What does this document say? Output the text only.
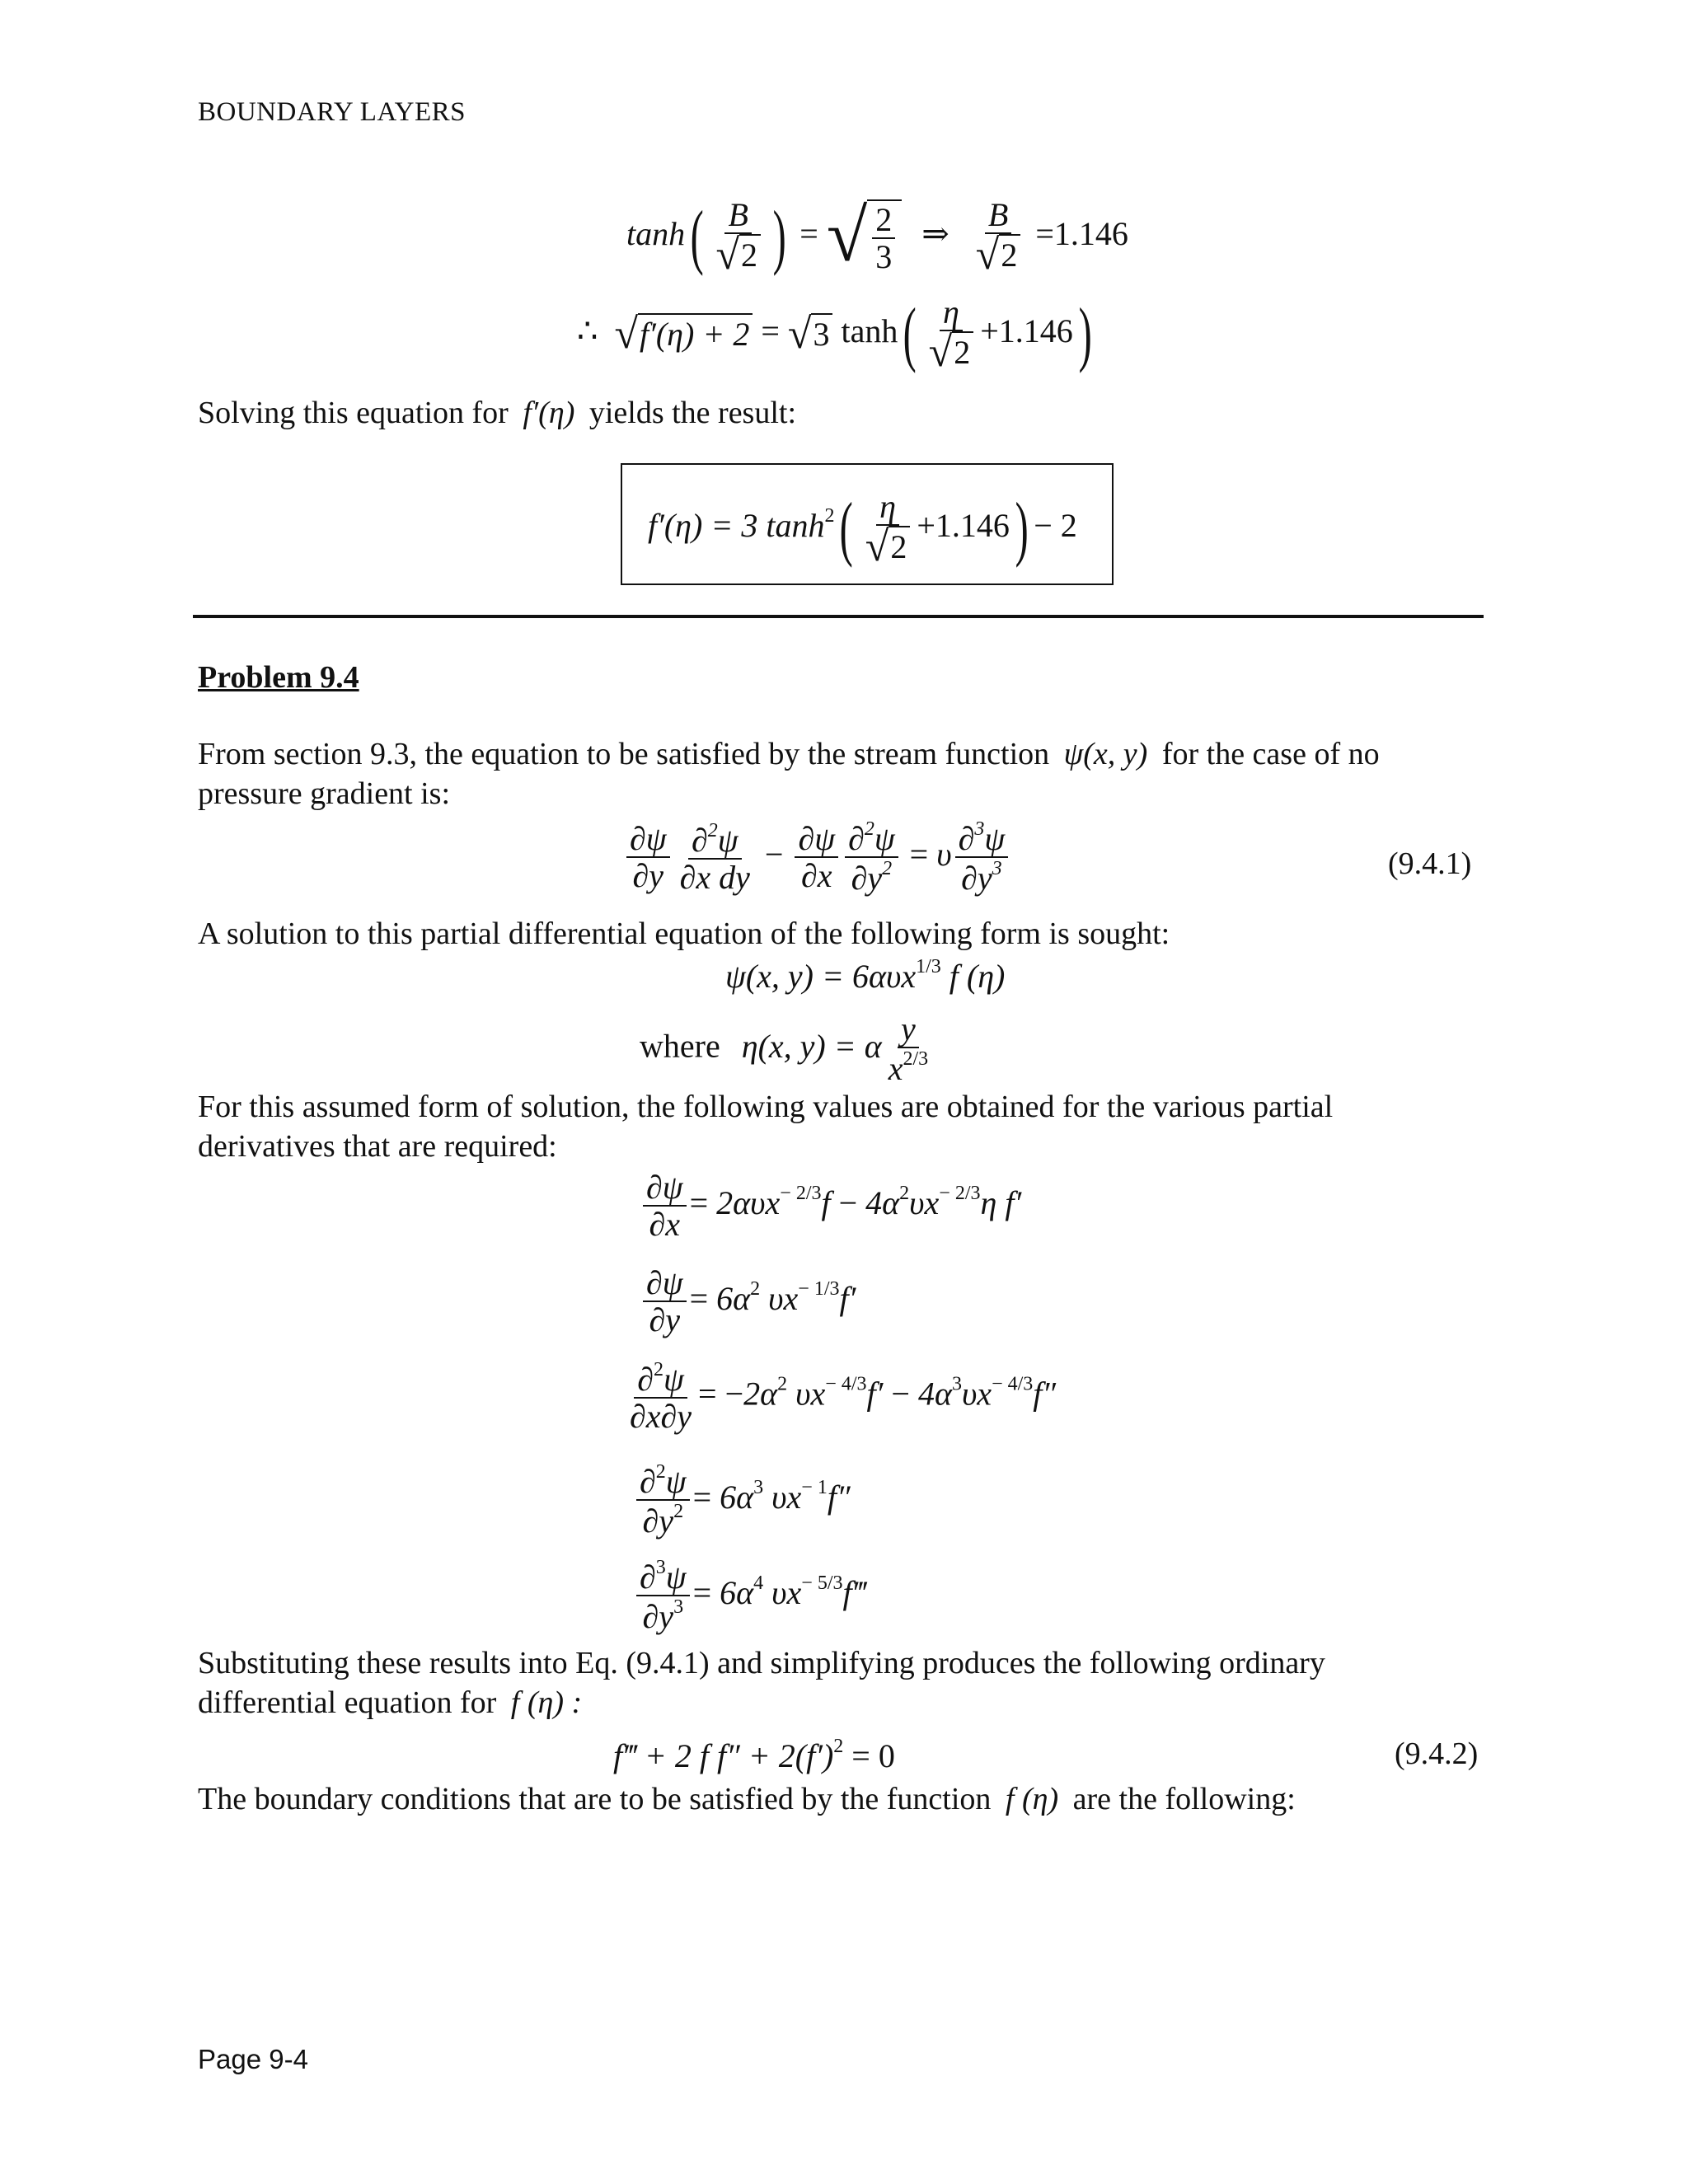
BOUNDARY LAYERS
$\tanh( \frac{B}{√ 2}$ ) = √ $\frac{2}{3}$ ⇒ $\frac{B}{√ 2} =1.146$
∴ √ f′(η) + 2 = √ 3 $\tanh( \frac{\eta}{√ 2} +1.146)$
Solving this equation for f′(η) yields the result:
f′(η) = 3 $\tanh^2( \frac{\eta}{√ 2} +1.146) - 2$
Problem 9.4
From section 9.3, the equation to be satisfied by the stream function ψ(x, y) for the case of no
pressure gradient is:
$\frac{\partial\psi}{\partial y} \frac{\partial^2\psi}{\text{∂x dy}} - \frac{\partial\psi}{\partial x} \frac{\partial^2\psi}{\partial y^2} = \upsilon \frac{\partial^3\psi}{\partial y^3}$	(9.4.1)
A solution to this partial differential equation of the following form is sought:
ψ(x, y) = 6αυx$^{1/3}$ f (η)
where η(x, y) = α $\frac{y}{x^{2/3}}$
For this assumed form of solution, the following values are obtained for the various partial
derivatives that are required:
$\frac{\partial\psi}{\partial x} = 2\alpha\upsilon x^{- 2/3}f - 4\alpha^2\upsilon x^{- 2/3}\eta$ f′
$\frac{\partial\psi}{\partial y} = 6\alpha^2$ $\upsilon x^{- 1/3}f'$
$\frac{\partial^2\psi}{\partial x\partial y} = -2\alpha^2$ $\upsilon x^{- 4/3}f' - 4\alpha^3\upsilon x^{- 4/3}f''$
$\frac{\partial^2\psi}{\partial y^2} = 6\alpha^3$ $\upsilon x^{- 1}f''$
$\frac{\partial^3\psi}{\partial y^3} = 6\alpha^4$ $\upsilon x^{- 5/3}f‴$
Substituting these results into Eq. (9.4.1) and simplifying produces the following ordinary
differential equation for f (η) :
f‴ + 2 f $f'' + 2(f')^2 = 0$	(9.4.2)
The boundary conditions that are to be satisfied by the function f (η) are the following:
Page 9-4
